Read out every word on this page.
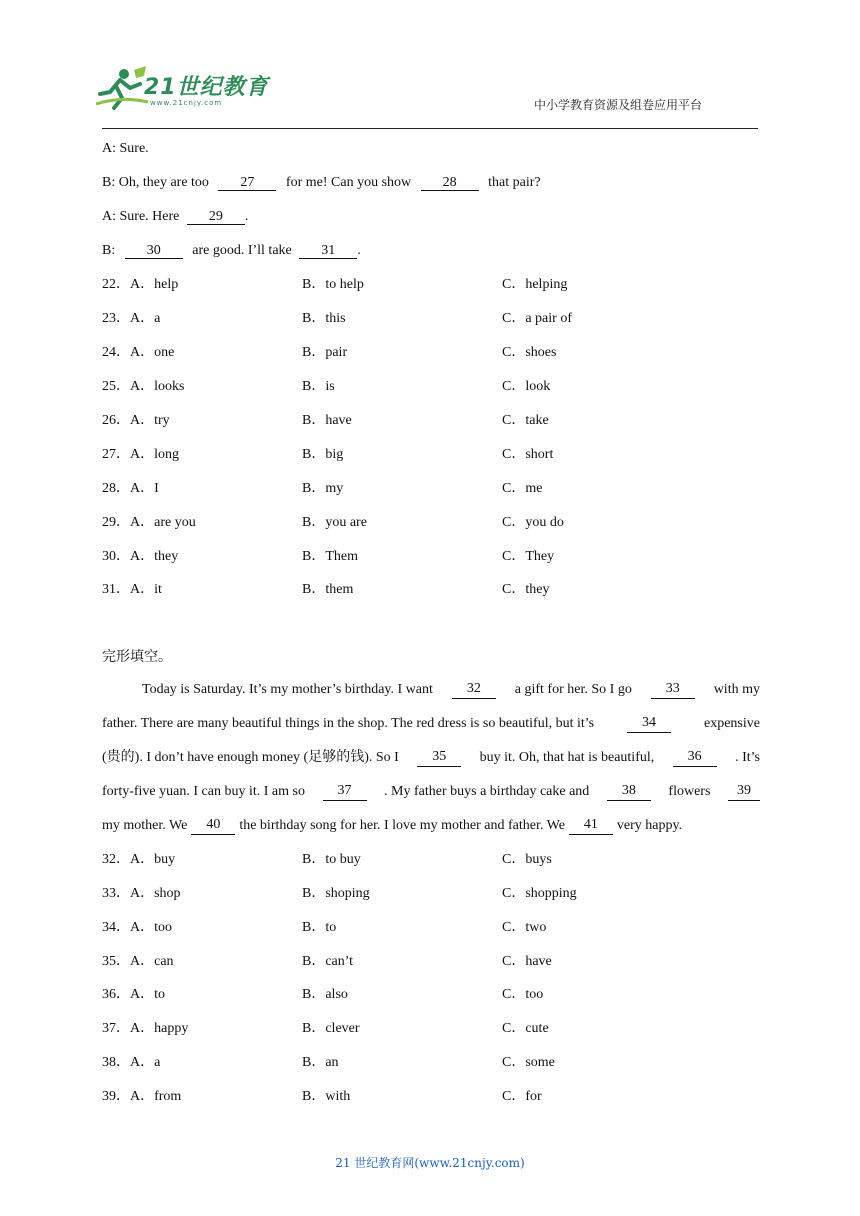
21世纪教育
www.21cnjy.com	中小学教育资源及组卷应用平台
A: Sure.
B: Oh, they are too 27 for me! Can you show 28 that pair?
A: Sure. Here 29 .
B: 30 are good. I’ll take 31 .
22．A．help	B．to help	C．helping
23．A．a	B．this	C．a pair of
24．A．one	B．pair	C．shoes
25．A．looks	B．is	C．look
26．A．try	B．have	C．take
27．A．long	B．big	C．short
28．A．I	B．my	C．me
29．A．are you	B．you are	C．you do
30．A．they	B．Them	C．They
31．A．it	B．them	C．they
完形填空。
Today is Saturday. It’s my mother’s birthday. I want	32	a gift for her. So I go	33	with my
father. There are many beautiful things in the shop. The red dress is so beautiful, but it’s	34	expensive
(贵的). I don’t have enough money (足够的钱). So I	35	buy it. Oh, that hat is beautiful,	36	. It’s
forty-five yuan. I can buy it. I am so	37	. My father buys a birthday cake and	38	flowers	39
my mother. We	40	the birthday song for her. I love my mother and father. We	41	very happy.
32．A．buy	B．to buy	C．buys
33．A．shop	B．shoping	C．shopping
34．A．too	B．to	C．two
35．A．can	B．can’t	C．have
36．A．to	B．also	C．too
37．A．happy	B．clever	C．cute
38．A．a	B．an	C．some
39．A．from	B．with	C．for
21 世纪教育网(www.21cnjy.com)
